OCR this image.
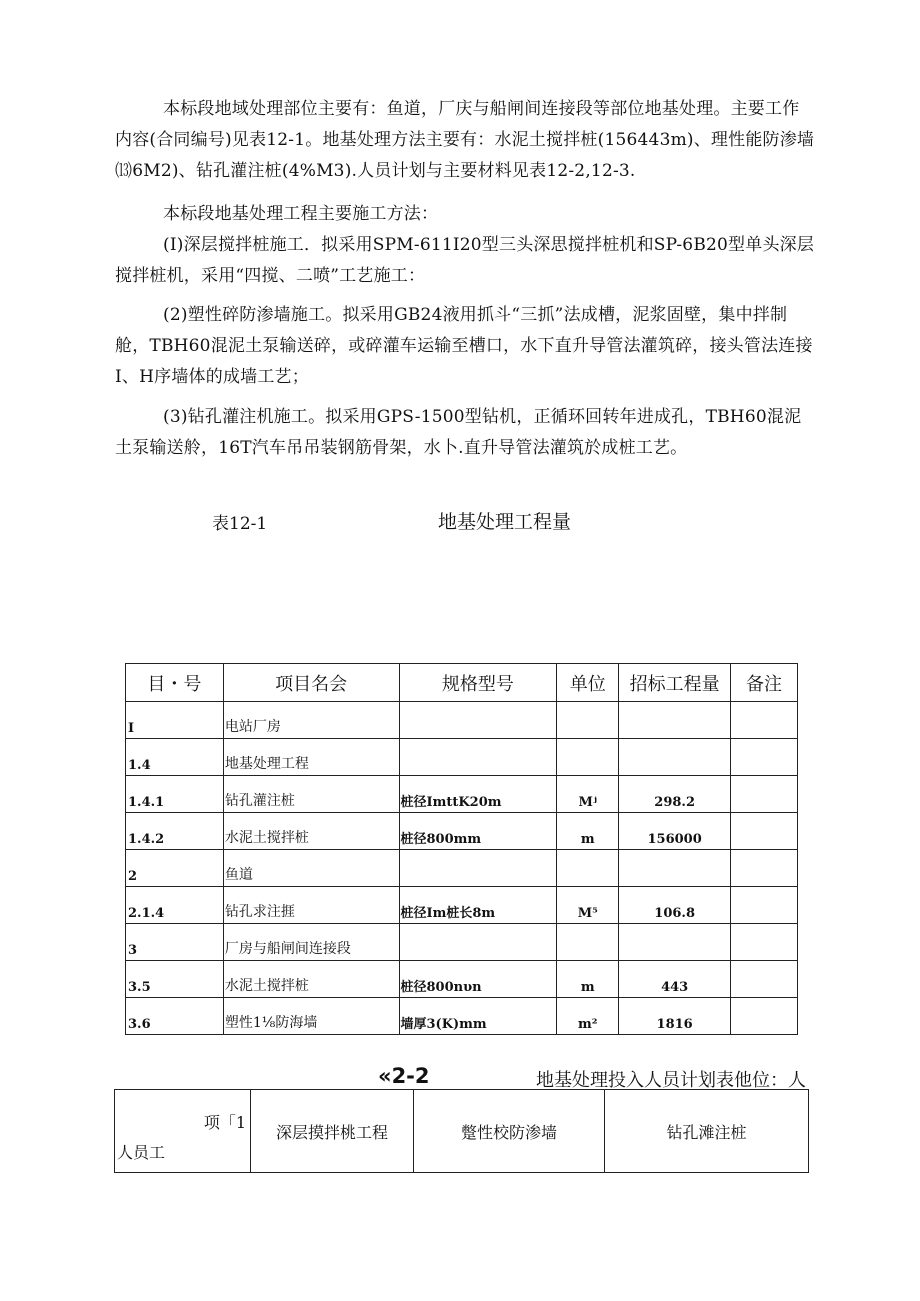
本标段地域处理部位主要有：鱼道，厂庆与船闸间连接段等部位地基处理。主要工作内容(合同编号)见表12-1。地基处理方法主要有：水泥土搅拌桩(156443m)、理性能防渗墙⒀6M2)、钻孔灌注桩(4%M3).人员计划与主要材料见表12-2,12-3.

本标段地基处理工程主要施工方法：

(I)深层搅拌桩施工．拟采用SPM-611I20型三头深思搅拌桩机和SP-6B20型单头深层搅拌桩机，采用“四搅、二喷”工艺施工：

(2)塑性碎防渗墙施工。拟采用GB24液用抓斗“三抓”法成槽，泥浆固壁，集中拌制舱，TBH60混泥土泵输送碎，或碎灌车运输至槽口，水下直升导管法灌筑碎，接头管法连接I、H序墙体的成墙工艺；

(3)钻孔灌注机施工。拟采用GPS-1500型钻机，正循环回转年进成孔，TBH60混泥土泵输送舲，16T汽车吊吊装钢筋骨架，水卜.直升导管法灌筑於成桩工艺。

表12-1	地基处理工程量
目・号	项目名会	规格型号	单位	招标工程量	备注
I	电站厂房				
1.4	地基处理工程				
1.4.1	钻孔灌注桩	桩径ImttK20m	Mʲ	298.2	
1.4.2	水泥土搅拌桩	桩径800mm	m	156000	
2	鱼道				
2.1.4	钻孔求注捱	桩径Im桩长8m	M⁵	106.8	
3	厂房与船闸间连接段				
3.5	水泥土搅拌桩	桩径800nυn	m	443	
3.6	塑性1⅛防海墙	墙厚3(K)mm	m²	1816	
«2-2	地基处理投入人员计划表他位：人
项「1
人员工
	深层摸拌桃工程	蹩性校防渗墙	钻孔滩注桩
